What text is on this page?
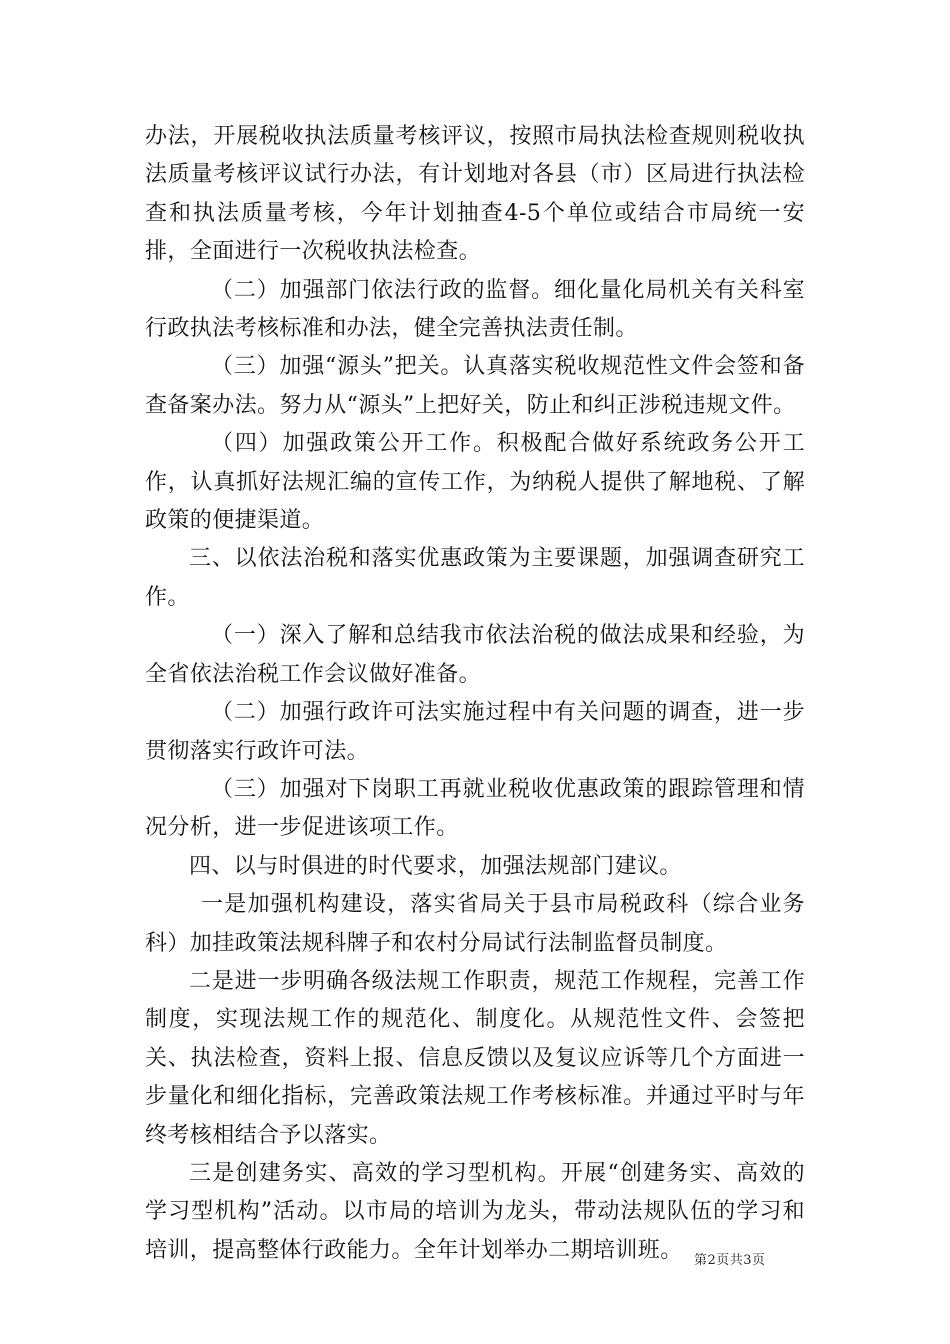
办法，开展税收执法质量考核评议，按照市局执法检查规则税收执法质量考核评议试行办法，有计划地对各县（市）区局进行执法检查和执法质量考核，今年计划抽查4-5个单位或结合市局统一安排，全面进行一次税收执法检查。

（二）加强部门依法行政的监督。细化量化局机关有关科室行政执法考核标准和办法，健全完善执法责任制。

（三）加强“源头”把关。认真落实税收规范性文件会签和备查备案办法。努力从“源头”上把好关，防止和纠正涉税违规文件。

（四）加强政策公开工作。积极配合做好系统政务公开工作，认真抓好法规汇编的宣传工作，为纳税人提供了解地税、了解政策的便捷渠道。

三、以依法治税和落实优惠政策为主要课题，加强调查研究工作。

（一）深入了解和总结我市依法治税的做法成果和经验，为全省依法治税工作会议做好准备。

（二）加强行政许可法实施过程中有关问题的调查，进一步贯彻落实行政许可法。

（三）加强对下岗职工再就业税收优惠政策的跟踪管理和情况分析，进一步促进该项工作。

四、以与时俱进的时代要求，加强法规部门建议。

一是加强机构建设，落实省局关于县市局税政科（综合业务科）加挂政策法规科牌子和农村分局试行法制监督员制度。

二是进一步明确各级法规工作职责，规范工作规程，完善工作制度，实现法规工作的规范化、制度化。从规范性文件、会签把关、执法检查，资料上报、信息反馈以及复议应诉等几个方面进一步量化和细化指标，完善政策法规工作考核标准。并通过平时与年终考核相结合予以落实。

三是创建务实、高效的学习型机构。开展“创建务实、高效的学习型机构”活动。以市局的培训为龙头，带动法规队伍的学习和培训，提高整体行政能力。全年计划举办二期培训班。 第2页共3页
